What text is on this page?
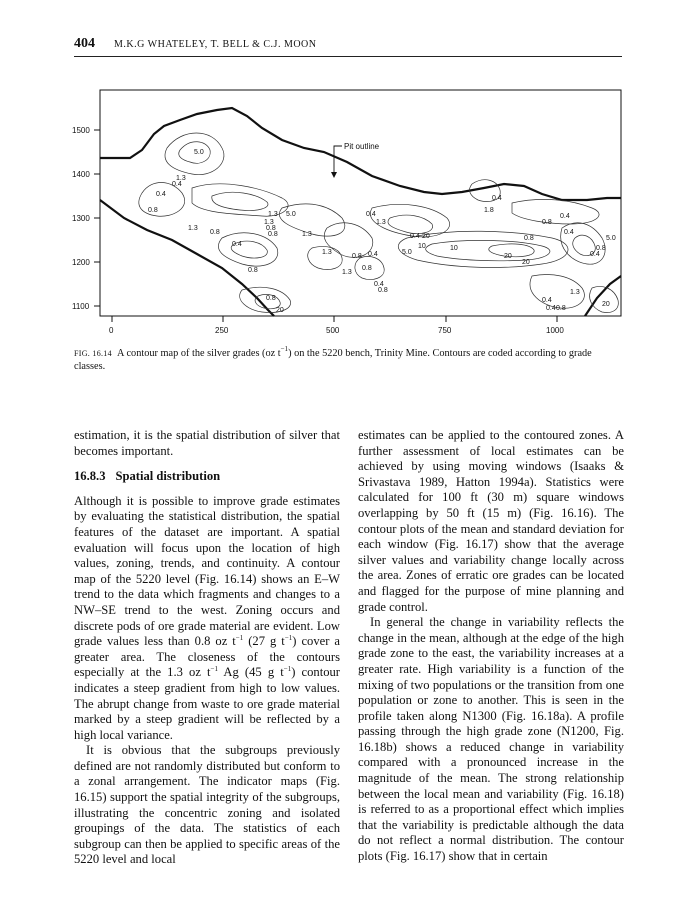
404 M.K.G WHATELEY, T. BELL & C.J. MOON
1500
1400
1300
1200
1100
0	250	500	750	1000
Pit outline
5.0
1.3
0.4
0.4
0.8
1.3
0.8	0.8
0.4
0.8
1.3
5.0
1.3
0.8
1.3
0.8
0.4
1.3
1.3
0.4
0.8
0.4
0.8
5.0
0.4
10
20
10
0.8
0.4
0.4
1.8
0.4
0.8
0.4
0.8
20
20
5.0
0.4
1.3
20
0.8
0.4
0.8
1.3
20
FIG. 16.14 A contour map of the silver grades (oz $t^{-1}$) on the 5220 bench, Trinity Mine. Contours are coded according to grade classes.

estimation, it is the spatial distribution of silver that becomes important.

16.8.3 Spatial distribution

Although it is possible to improve grade estimates by evaluating the statistical distribution, the spatial features of the dataset are important. A spatial evaluation will focus upon the location of high values, zoning, trends, and continuity. A contour map of the 5220 level (Fig. 16.14) shows an E–W trend to the data which fragments and changes to a NW–SE trend to the west. Zoning occurs and discrete pods of ore grade material are evident. Low grade values less than 0.8 oz $t^{-1}$ (27 g $t^{-1}$) cover a greater area. The closeness of the contours especially at the 1.3 oz $t^{-1}$ Ag (45 g $t^{-1}$) contour indicates a steep gradient from high to low values. The abrupt change from waste to ore grade material marked by a steep gradient will be reflected by a high local variance.

It is obvious that the subgroups previously defined are not randomly distributed but conform to a zonal arrangement. The indicator maps (Fig. 16.15) support the spatial integrity of the subgroups, illustrating the concentric zoning and isolated groupings of the data. The statistics of each subgroup can then be applied to specific areas of the 5220 level and local

estimates can be applied to the contoured zones. A further assessment of local estimates can be achieved by using moving windows (Isaaks & Srivastava 1989, Hatton 1994a). Statistics were calculated for 100 ft (30 m) square windows overlapping by 50 ft (15 m) (Fig. 16.16). The contour plots of the mean and standard deviation for each window (Fig. 16.17) show that the average silver values and variability change locally across the area. Zones of erratic ore grades can be located and flagged for the purpose of mine planning and grade control.

In general the change in variability reflects the change in the mean, although at the edge of the high grade zone to the east, the variability increases at a greater rate. High variability is a function of the mixing of two populations or the transition from one population or zone to another. This is seen in the profile taken along N1300 (Fig. 16.18a). A profile passing through the high grade zone (N1200, Fig. 16.18b) shows a reduced change in variability compared with a pronounced increase in the magnitude of the mean. The strong relationship between the local mean and variability (Fig. 16.18) is referred to as a proportional effect which implies that the variability is predictable although the data do not reflect a normal distribution. The contour plots (Fig. 16.17) show that in certain
